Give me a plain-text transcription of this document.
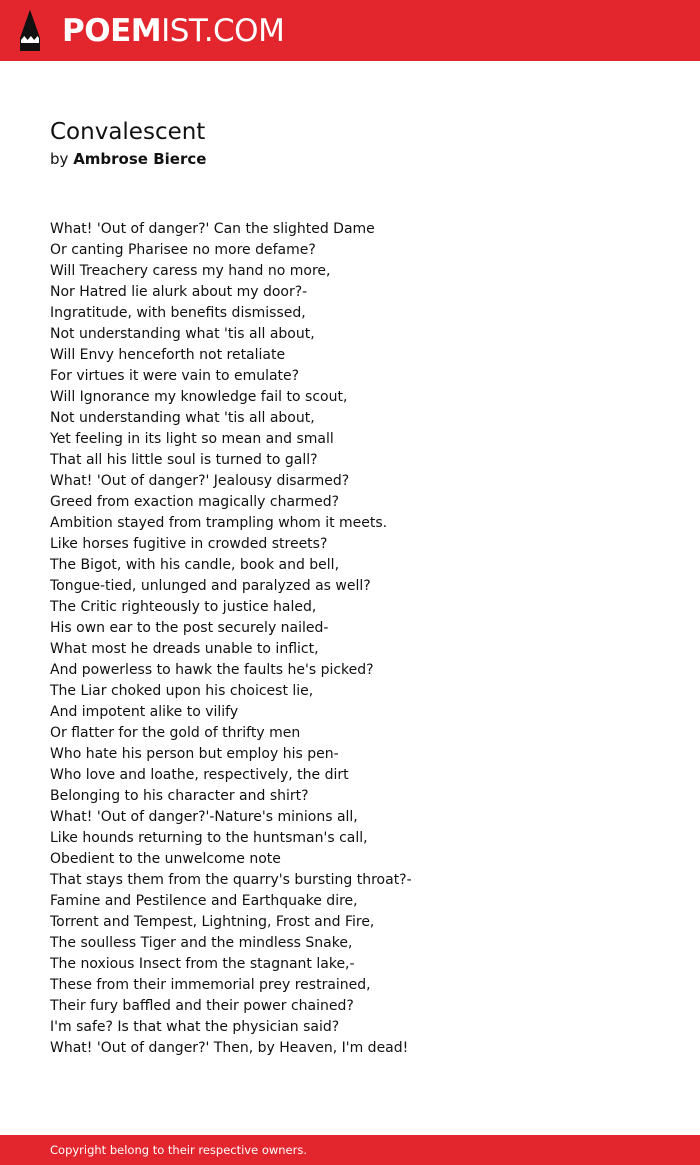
POEMIST.COM
Convalescent
by Ambrose Bierce
What! 'Out of danger?' Can the slighted Dame
Or canting Pharisee no more defame?
Will Treachery caress my hand no more,
Nor Hatred lie alurk about my door?-
Ingratitude, with benefits dismissed,
Not understanding what 'tis all about,
Will Envy henceforth not retaliate
For virtues it were vain to emulate?
Will Ignorance my knowledge fail to scout,
Not understanding what 'tis all about,
Yet feeling in its light so mean and small
That all his little soul is turned to gall?
What! 'Out of danger?' Jealousy disarmed?
Greed from exaction magically charmed?
Ambition stayed from trampling whom it meets.
Like horses fugitive in crowded streets?
The Bigot, with his candle, book and bell,
Tongue-tied, unlunged and paralyzed as well?
The Critic righteously to justice haled,
His own ear to the post securely nailed-
What most he dreads unable to inflict,
And powerless to hawk the faults he's picked?
The Liar choked upon his choicest lie,
And impotent alike to vilify
Or flatter for the gold of thrifty men
Who hate his person but employ his pen-
Who love and loathe, respectively, the dirt
Belonging to his character and shirt?
What! 'Out of danger?'-Nature's minions all,
Like hounds returning to the huntsman's call,
Obedient to the unwelcome note
That stays them from the quarry's bursting throat?-
Famine and Pestilence and Earthquake dire,
Torrent and Tempest, Lightning, Frost and Fire,
The soulless Tiger and the mindless Snake,
The noxious Insect from the stagnant lake,-
These from their immemorial prey restrained,
Their fury baffled and their power chained?
I'm safe? Is that what the physician said?
What! 'Out of danger?' Then, by Heaven, I'm dead!
Copyright belong to their respective owners.
